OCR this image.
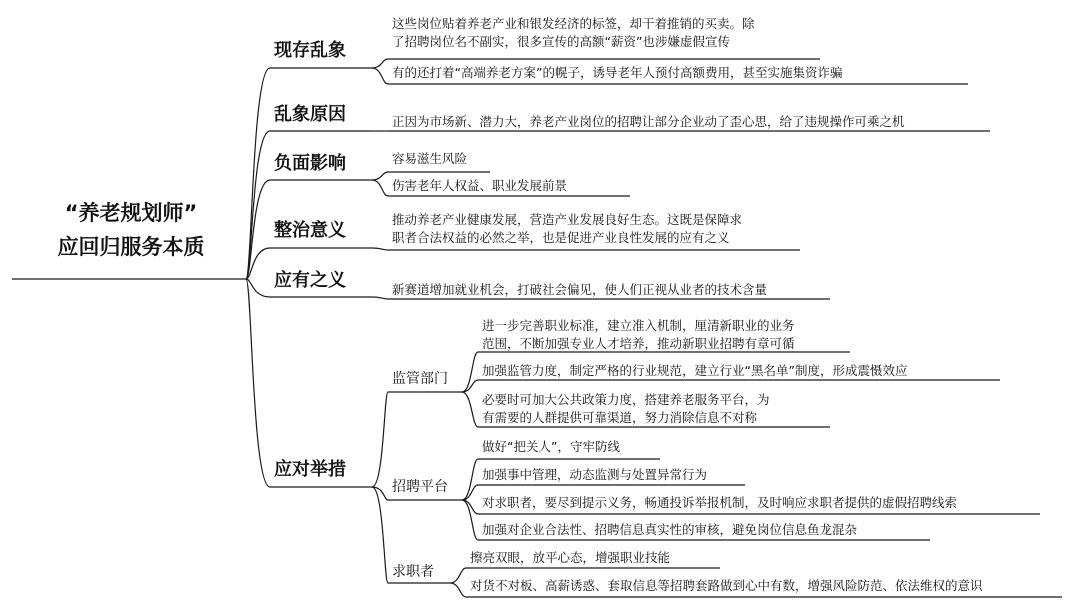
“养老规划师”
应回归服务本质
现存乱象
这些岗位贴着养老产业和银发经济的标签，却干着推销的买卖。除
了招聘岗位名不副实，很多宣传的高额“薪资”也涉嫌虚假宣传
有的还打着“高端养老方案”的幌子，诱导老年人预付高额费用，甚至实施集资诈骗
乱象原因	正因为市场新、潜力大，养老产业岗位的招聘让部分企业动了歪心思，给了违规操作可乘之机
负面影响	容易滋生风险
伤害老年人权益、职业发展前景
整治意义
推动养老产业健康发展，营造产业发展良好生态。这既是保障求
职者合法权益的必然之举，也是促进产业良性发展的应有之义
应有之义	新赛道增加就业机会，打破社会偏见，使人们正视从业者的技术含量
应对举措
监管部门
进一步完善职业标准，建立准入机制，厘清新职业的业务
范围，不断加强专业人才培养，推动新职业招聘有章可循
加强监管力度，制定严格的行业规范，建立行业“黑名单”制度，形成震慑效应
必要时可加大公共政策力度，搭建养老服务平台，为
有需要的人群提供可靠渠道，努力消除信息不对称
招聘平台
做好“把关人”，守牢防线
加强事中管理，动态监测与处置异常行为
对求职者，要尽到提示义务，畅通投诉举报机制，及时响应求职者提供的虚假招聘线索
加强对企业合法性、招聘信息真实性的审核，避免岗位信息鱼龙混杂
求职者
擦亮双眼，放平心态，增强职业技能
对货不对板、高薪诱惑、套取信息等招聘套路做到心中有数，增强风险防范、依法维权的意识
